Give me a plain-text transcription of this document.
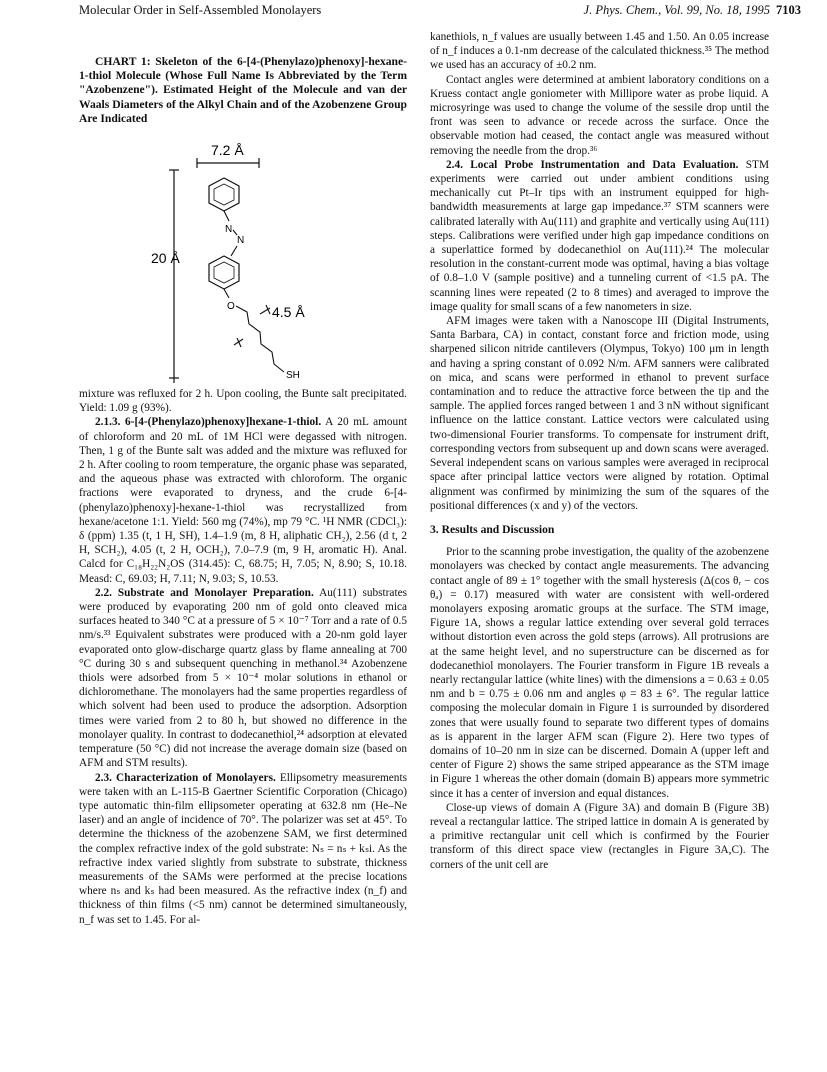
Molecular Order in Self-Assembled Monolayers	J. Phys. Chem., Vol. 99, No. 18, 1995 7103

CHART 1: Skeleton of the 6-[4-(Phenylazo)phenoxy]-hexane-1-thiol Molecule (Whose Full Name Is Abbreviated by the Term "Azobenzene"). Estimated Height of the Molecule and van der Waals Diameters of the Alkyl Chain and of the Azobenzene Group Are Indicated

7.2 Å
20 Å
N
N
O
SH
4.5 Å

mixture was refluxed for 2 h. Upon cooling, the Bunte salt precipitated. Yield: 1.09 g (93%).

2.1.3. 6-[4-(Phenylazo)phenoxy]hexane-1-thiol. A 20 mL amount of chloroform and 20 mL of 1M HCl were degassed with nitrogen. Then, 1 g of the Bunte salt was added and the mixture was refluxed for 2 h. After cooling to room temperature, the organic phase was separated, and the aqueous phase was extracted with chloroform. The organic fractions were evaporated to dryness, and the crude 6-[4-(phenylazo)phenoxy]-hexane-1-thiol was recrystallized from hexane/acetone 1:1. Yield: 560 mg (74%), mp 79 °C. ¹H NMR (CDCl₃): δ (ppm) 1.35 (t, 1 H, SH), 1.4–1.9 (m, 8 H, aliphatic CH₂), 2.56 (d t, 2 H, SCH₂), 4.05 (t, 2 H, OCH₂), 7.0–7.9 (m, 9 H, aromatic H). Anal. Calcd for C₁₈H₂₂N₂OS (314.45): C, 68.75; H, 7.05; N, 8.90; S, 10.18. Measd: C, 69.03; H, 7.11; N, 9.03; S, 10.53.

2.2. Substrate and Monolayer Preparation. Au(111) substrates were produced by evaporating 200 nm of gold onto cleaved mica surfaces heated to 340 °C at a pressure of 5 × 10⁻⁷ Torr and a rate of 0.5 nm/s.³³ Equivalent substrates were produced with a 20-nm gold layer evaporated onto glow-discharge quartz glass by flame annealing at 700 °C during 30 s and subsequent quenching in methanol.³⁴ Azobenzene thiols were adsorbed from 5 × 10⁻⁴ molar solutions in ethanol or dichloromethane. The monolayers had the same properties regardless of which solvent had been used to produce the adsorption. Adsorption times were varied from 2 to 80 h, but showed no difference in the monolayer quality. In contrast to dodecanethiol,²⁴ adsorption at elevated temperature (50 °C) did not increase the average domain size (based on AFM and STM results).

2.3. Characterization of Monolayers. Ellipsometry measurements were taken with an L-115-B Gaertner Scientific Corporation (Chicago) type automatic thin-film ellipsometer operating at 632.8 nm (He–Ne laser) and an angle of incidence of 70°. The polarizer was set at 45°. To determine the thickness of the azobenzene SAM, we first determined the complex refractive index of the gold substrate: Nₛ = nₛ + kₛi. As the refractive index varied slightly from substrate to substrate, thickness measurements of the SAMs were performed at the precise locations where nₛ and kₛ had been measured. As the refractive index (n_f) and thickness of thin films (<5 nm) cannot be determined simultaneously, n_f was set to 1.45. For al-

kanethiols, n_f values are usually between 1.45 and 1.50. An 0.05 increase of n_f induces a 0.1-nm decrease of the calculated thickness.³⁵ The method we used has an accuracy of ±0.2 nm.

Contact angles were determined at ambient laboratory conditions on a Kruess contact angle goniometer with Millipore water as probe liquid. A microsyringe was used to change the volume of the sessile drop until the front was seen to advance or recede across the surface. Once the observable motion had ceased, the contact angle was measured without removing the needle from the drop.³⁶

2.4. Local Probe Instrumentation and Data Evaluation. STM experiments were carried out under ambient conditions using mechanically cut Pt–Ir tips with an instrument equipped for high-bandwidth measurements at large gap impedance.³⁷ STM scanners were calibrated laterally with Au(111) and graphite and vertically using Au(111) steps. Calibrations were verified under high gap impedance conditions on a superlattice formed by dodecanethiol on Au(111).²⁴ The molecular resolution in the constant-current mode was optimal, having a bias voltage of 0.8–1.0 V (sample positive) and a tunneling current of <1.5 pA. The scanning lines were repeated (2 to 8 times) and averaged to improve the image quality for small scans of a few nanometers in size.

AFM images were taken with a Nanoscope III (Digital Instruments, Santa Barbara, CA) in contact, constant force and friction mode, using sharpened silicon nitride cantilevers (Olympus, Tokyo) 100 μm in length and having a spring constant of 0.092 N/m. AFM sanners were calibrated on mica, and scans were performed in ethanol to prevent surface contamination and to reduce the attractive force between the tip and the sample. The applied forces ranged between 1 and 3 nN without significant influence on the lattice constant. Lattice vectors were calculated using two-dimensional Fourier transforms. To compensate for instrument drift, corresponding vectors from subsequent up and down scans were averaged. Several independent scans on various samples were averaged in reciprocal space after principal lattice vectors were aligned by rotation. Optimal alignment was confirmed by minimizing the sum of the squares of the positional differences (x and y) of the vectors.

3. Results and Discussion

Prior to the scanning probe investigation, the quality of the azobenzene monolayers was checked by contact angle measurements. The advancing contact angle of 89 ± 1° together with the small hysteresis (Δ(cos θᵣ − cos θₐ) = 0.17) measured with water are consistent with well-ordered monolayers exposing aromatic groups at the surface. The STM image, Figure 1A, shows a regular lattice extending over several gold terraces without distortion even across the gold steps (arrows). All protrusions are at the same height level, and no superstructure can be discerned as for dodecanethiol monolayers. The Fourier transform in Figure 1B reveals a nearly rectangular lattice (white lines) with the dimensions a = 0.63 ± 0.05 nm and b = 0.75 ± 0.06 nm and angles φ = 83 ± 6°. The regular lattice composing the molecular domain in Figure 1 is surrounded by disordered zones that were usually found to separate two different types of domains as is apparent in the larger AFM scan (Figure 2). Here two types of domains of 10–20 nm in size can be discerned. Domain A (upper left and center of Figure 2) shows the same striped appearance as the STM image in Figure 1 whereas the other domain (domain B) appears more symmetric since it has a center of inversion and equal distances.

Close-up views of domain A (Figure 3A) and domain B (Figure 3B) reveal a rectangular lattice. The striped lattice in domain A is generated by a primitive rectangular unit cell which is confirmed by the Fourier transform of this direct space view (rectangles in Figure 3A,C). The corners of the unit cell are
